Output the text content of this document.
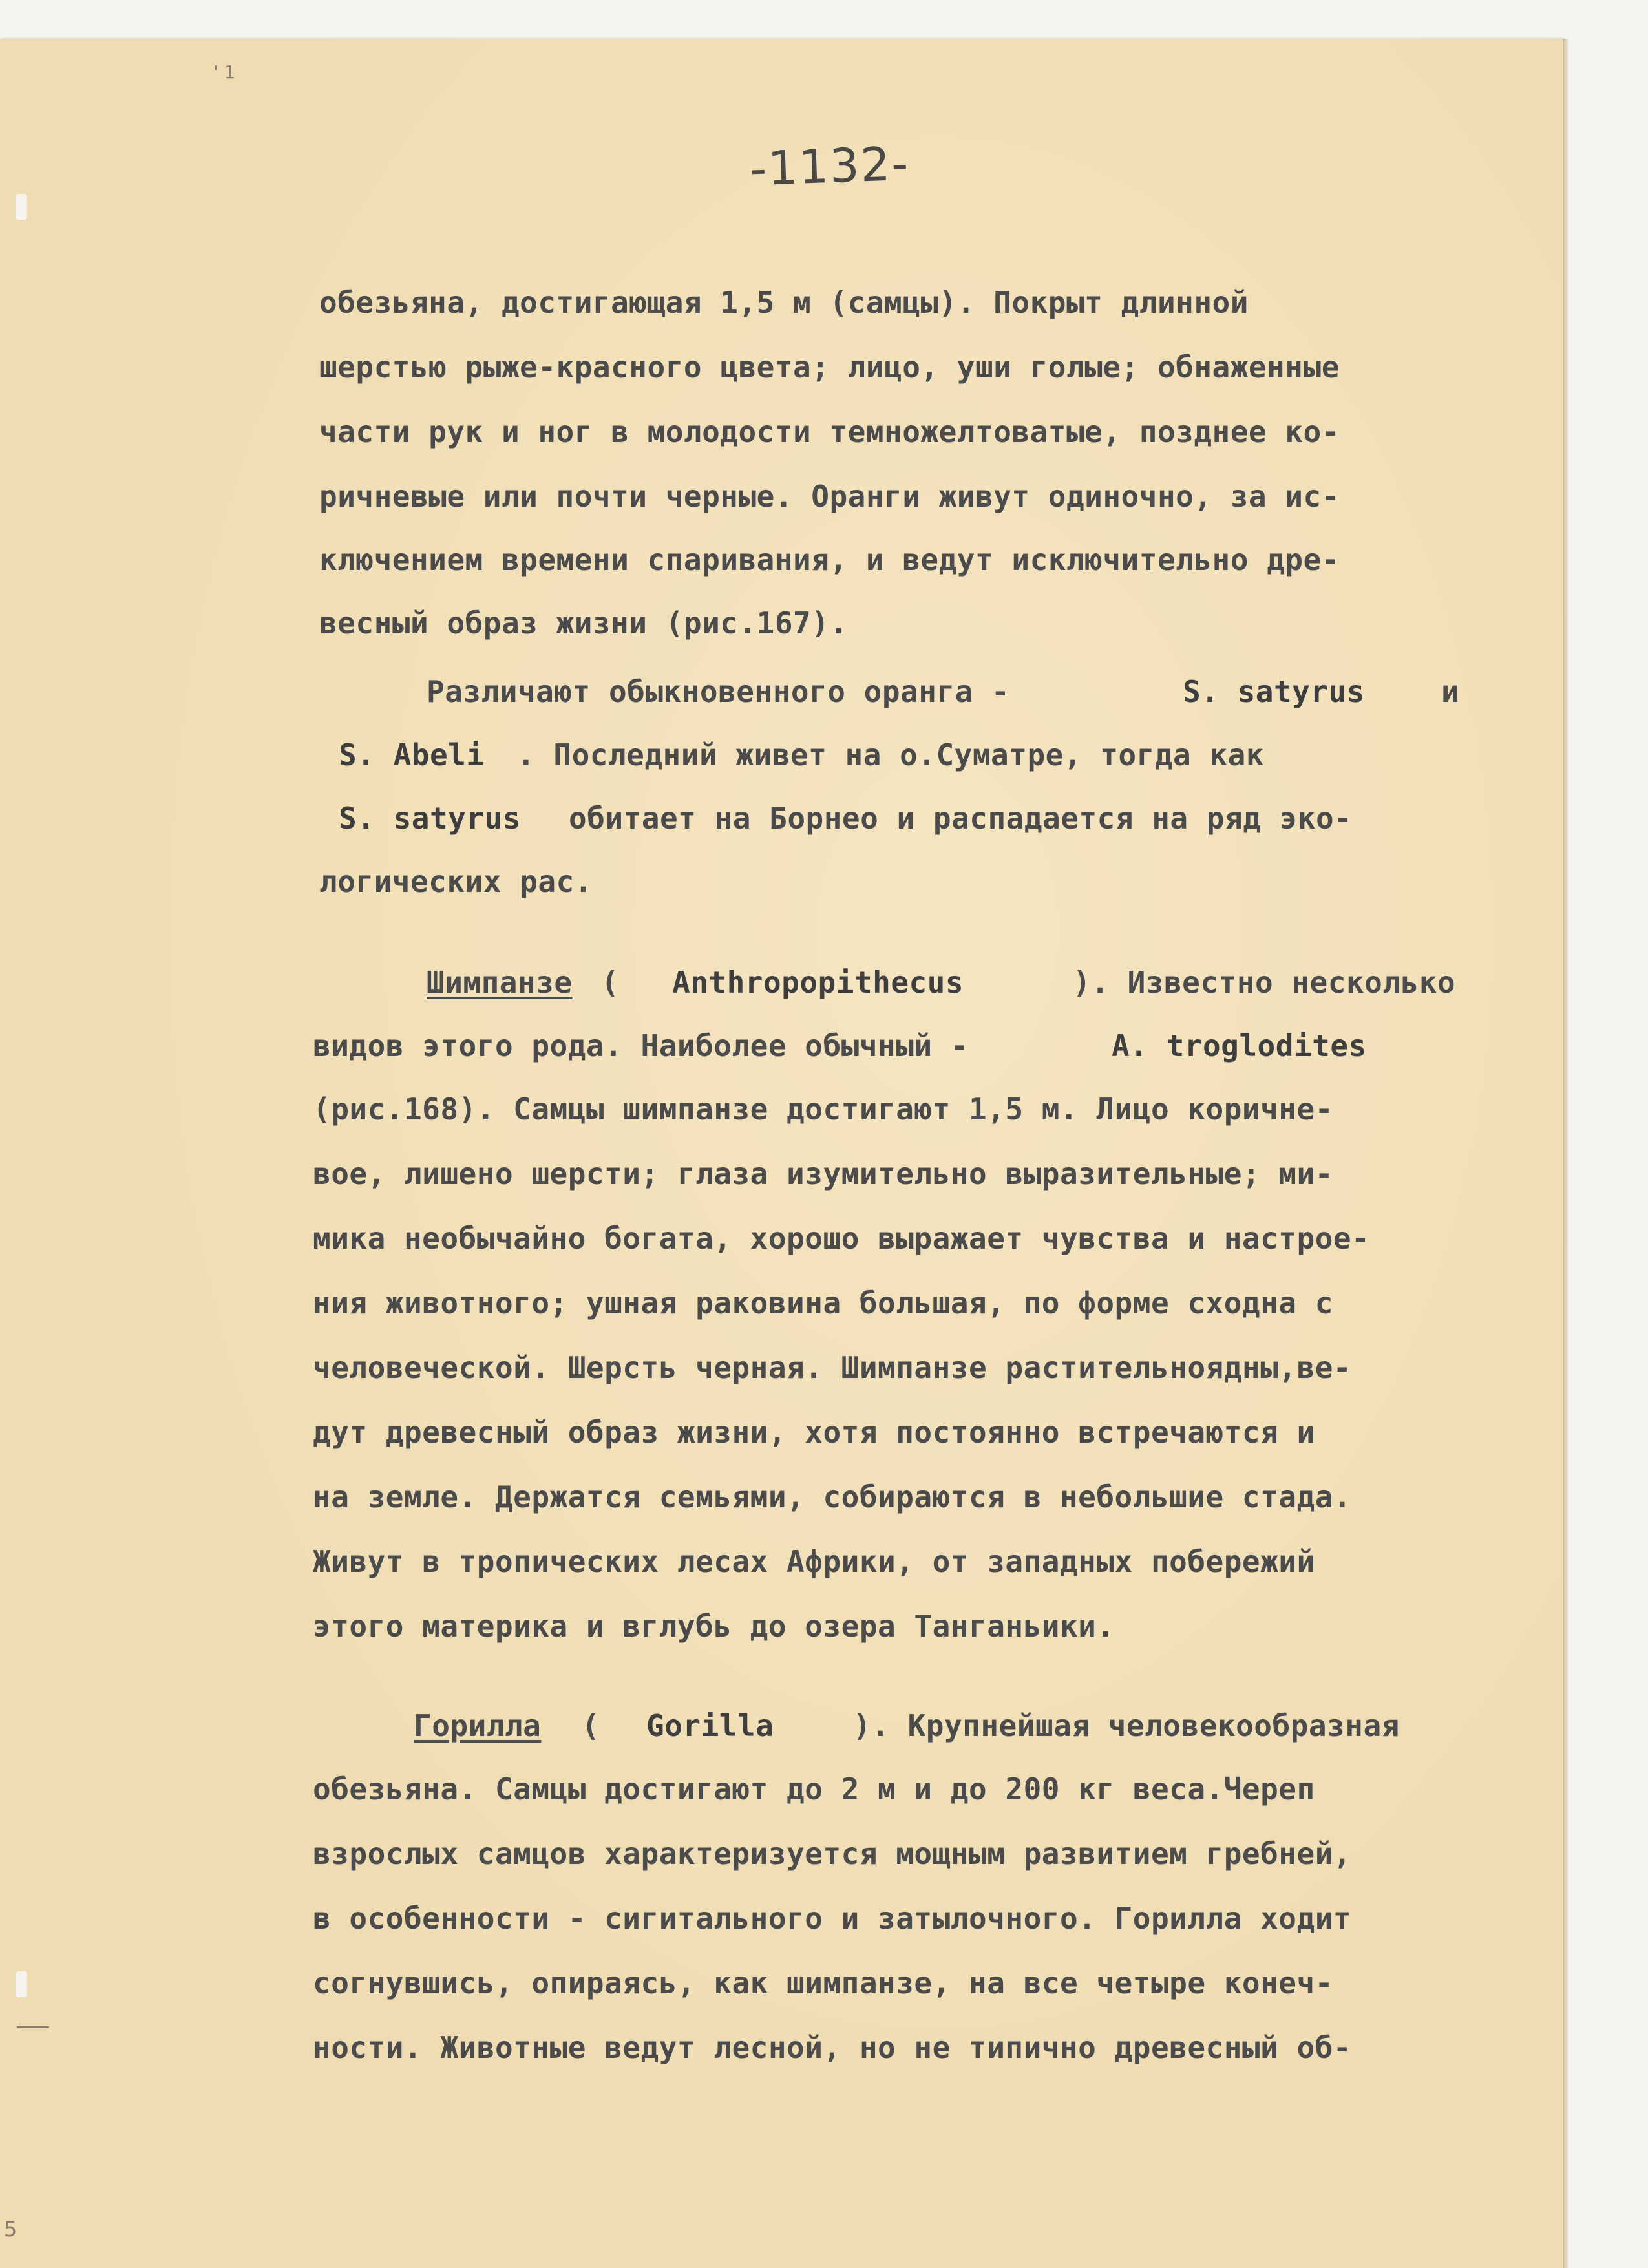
' 1
5
-1132-
обезьяна, достигающая 1,5 м (самцы). Покрыт длинной
шерстью рыже-красного цвета; лицо, уши голые; обнаженные
части рук и ног в молодости темножелтоватые, позднее ко-
ричневые или почти черные. Оранги живут одиночно, за ис-
ключением времени спаривания, и ведут исключительно дре-
весный образ жизни (рис.167).
Различают обыкновенного оранга -	S. satyrus	и
S. Abeli . Последний живет на о.Суматре, тогда как
S. satyrus обитает на Борнео и распадается на ряд эко-
логических рас.
Шимпанзе ( Anthropopithecus	). Известно несколько
видов этого рода. Наиболее обычный -	A. troglodites
(рис.168). Самцы шимпанзе достигают 1,5 м. Лицо коричне-
вое, лишено шерсти; глаза изумительно выразительные; ми-
мика необычайно богата, хорошо выражает чувства и настрое-
ния животного; ушная раковина большая, по форме сходна с
человеческой. Шерсть черная. Шимпанзе растительноядны,ве-
дут древесный образ жизни, хотя постоянно встречаются и
на земле. Держатся семьями, собираются в небольшие стада.
Живут в тропических лесах Африки, от западных побережий
этого материка и вглубь до озера Танганьики.
Горилла ( Gorilla	). Крупнейшая человекообразная
обезьяна. Самцы достигают до 2 м и до 200 кг веса.Череп
взрослых самцов характеризуется мощным развитием гребней,
в особенности - сигитального и затылочного. Горилла ходит
согнувшись, опираясь, как шимпанзе, на все четыре конеч-
ности. Животные ведут лесной, но не типично древесный об-
